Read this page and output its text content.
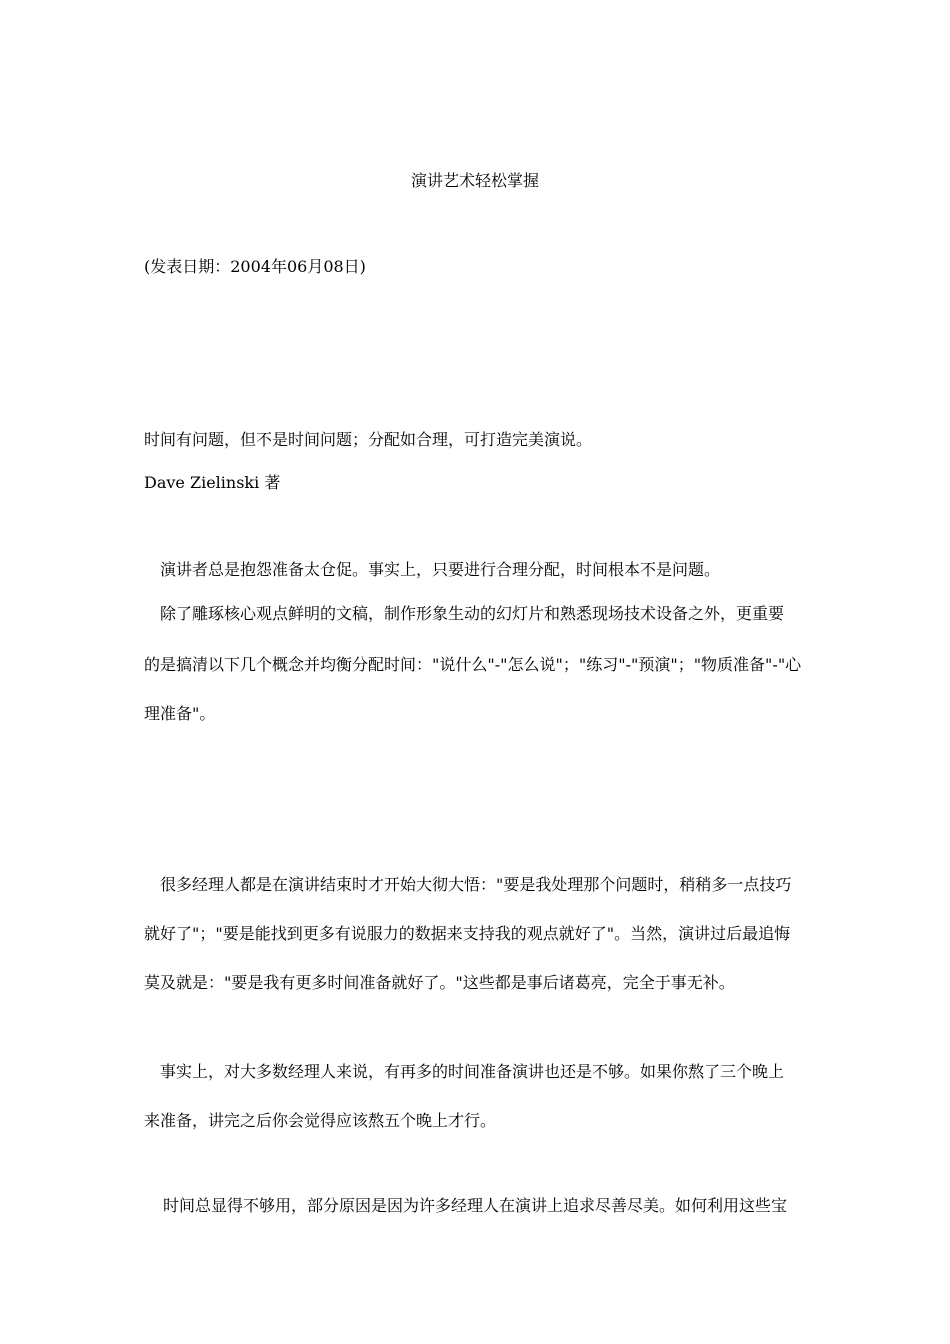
演讲艺术轻松掌握
(发表日期：2004年06月08日)
时间有问题，但不是时间问题；分配如合理，可打造完美演说。
Dave Zielinski 著
演讲者总是抱怨准备太仓促。事实上，只要进行合理分配，时间根本不是问题。
除了雕琢核心观点鲜明的文稿，制作形象生动的幻灯片和熟悉现场技术设备之外，更重要
的是搞清以下几个概念并均衡分配时间："说什么"-"怎么说"；"练习"-"预演"；"物质准备"-"心
理准备"。
很多经理人都是在演讲结束时才开始大彻大悟："要是我处理那个问题时，稍稍多一点技巧
就好了"；"要是能找到更多有说服力的数据来支持我的观点就好了"。当然，演讲过后最追悔
莫及就是："要是我有更多时间准备就好了。"这些都是事后诸葛亮，完全于事无补。
事实上，对大多数经理人来说，有再多的时间准备演讲也还是不够。如果你熬了三个晚上
来准备，讲完之后你会觉得应该熬五个晚上才行。
时间总显得不够用，部分原因是因为许多经理人在演讲上追求尽善尽美。如何利用这些宝
